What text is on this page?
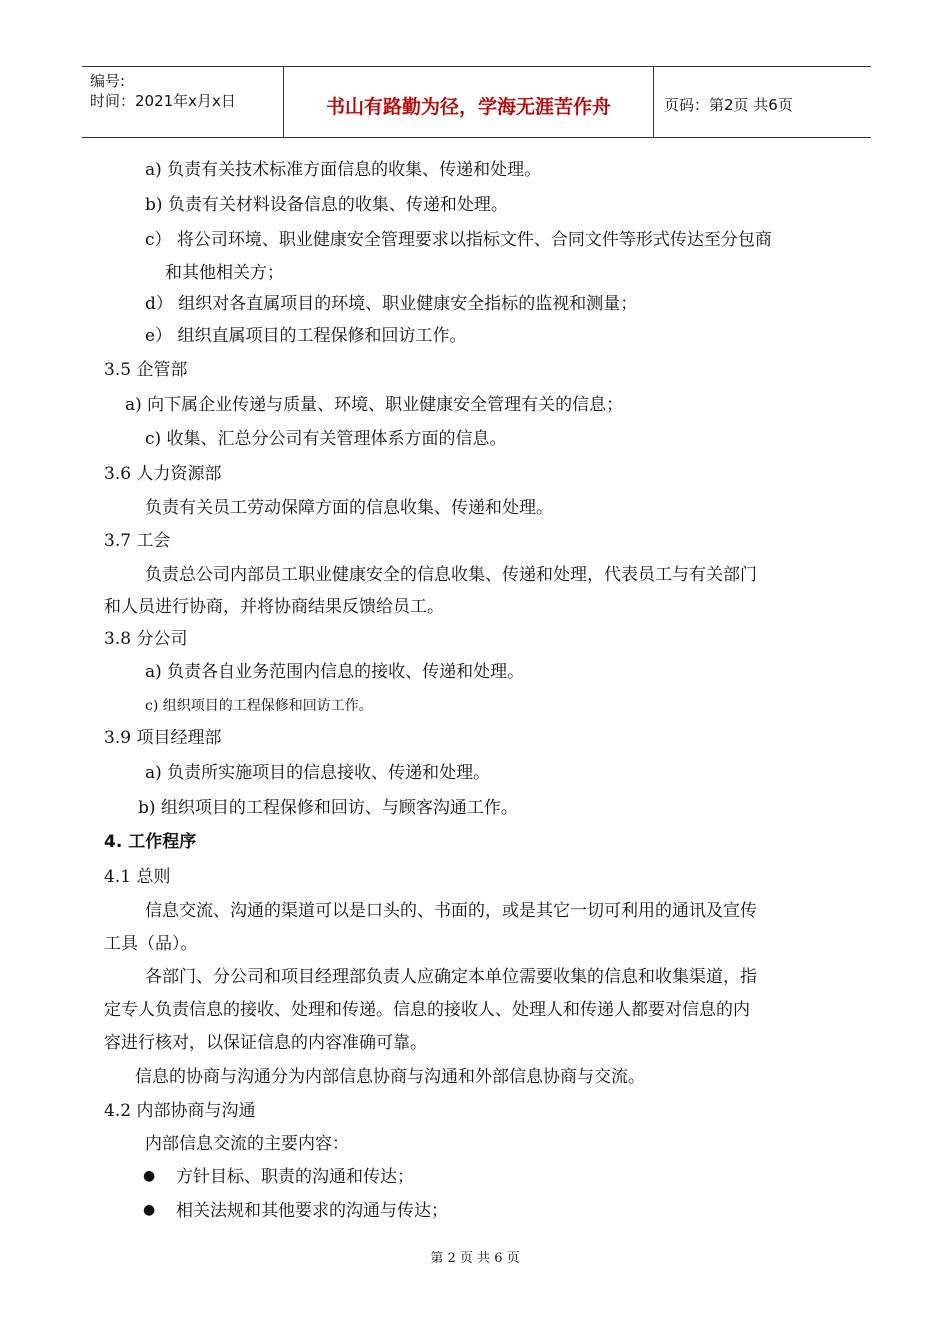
编号:
时间：2021年x月x日	书山有路勤为径，学海无涯苦作舟	页码：第2页 共6页
a) 负责有关技术标准方面信息的收集、传递和处理。
b) 负责有关材料设备信息的收集、传递和处理。
c） 将公司环境、职业健康安全管理要求以指标文件、合同文件等形式传达至分包商
和其他相关方；
d） 组织对各直属项目的环境、职业健康安全指标的监视和测量；
e） 组织直属项目的工程保修和回访工作。
3.5 企管部
a) 向下属企业传递与质量、环境、职业健康安全管理有关的信息；
c) 收集、汇总分公司有关管理体系方面的信息。
3.6 人力资源部
负责有关员工劳动保障方面的信息收集、传递和处理。
3.7 工会
负责总公司内部员工职业健康安全的信息收集、传递和处理，代表员工与有关部门
和人员进行协商，并将协商结果反馈给员工。
3.8 分公司
a) 负责各自业务范围内信息的接收、传递和处理。
c) 组织项目的工程保修和回访工作。
3.9 项目经理部
a) 负责所实施项目的信息接收、传递和处理。
b) 组织项目的工程保修和回访、与顾客沟通工作。
4. 工作程序
4.1 总则
信息交流、沟通的渠道可以是口头的、书面的，或是其它一切可利用的通讯及宣传
工具（品）。
各部门、分公司和项目经理部负责人应确定本单位需要收集的信息和收集渠道，指
定专人负责信息的接收、处理和传递。信息的接收人、处理人和传递人都要对信息的内
容进行核对，以保证信息的内容准确可靠。
信息的协商与沟通分为内部信息协商与沟通和外部信息协商与交流。
4.2 内部协商与沟通
内部信息交流的主要内容：
● 方针目标、职责的沟通和传达；
● 相关法规和其他要求的沟通与传达；
第 2 页 共 6 页
